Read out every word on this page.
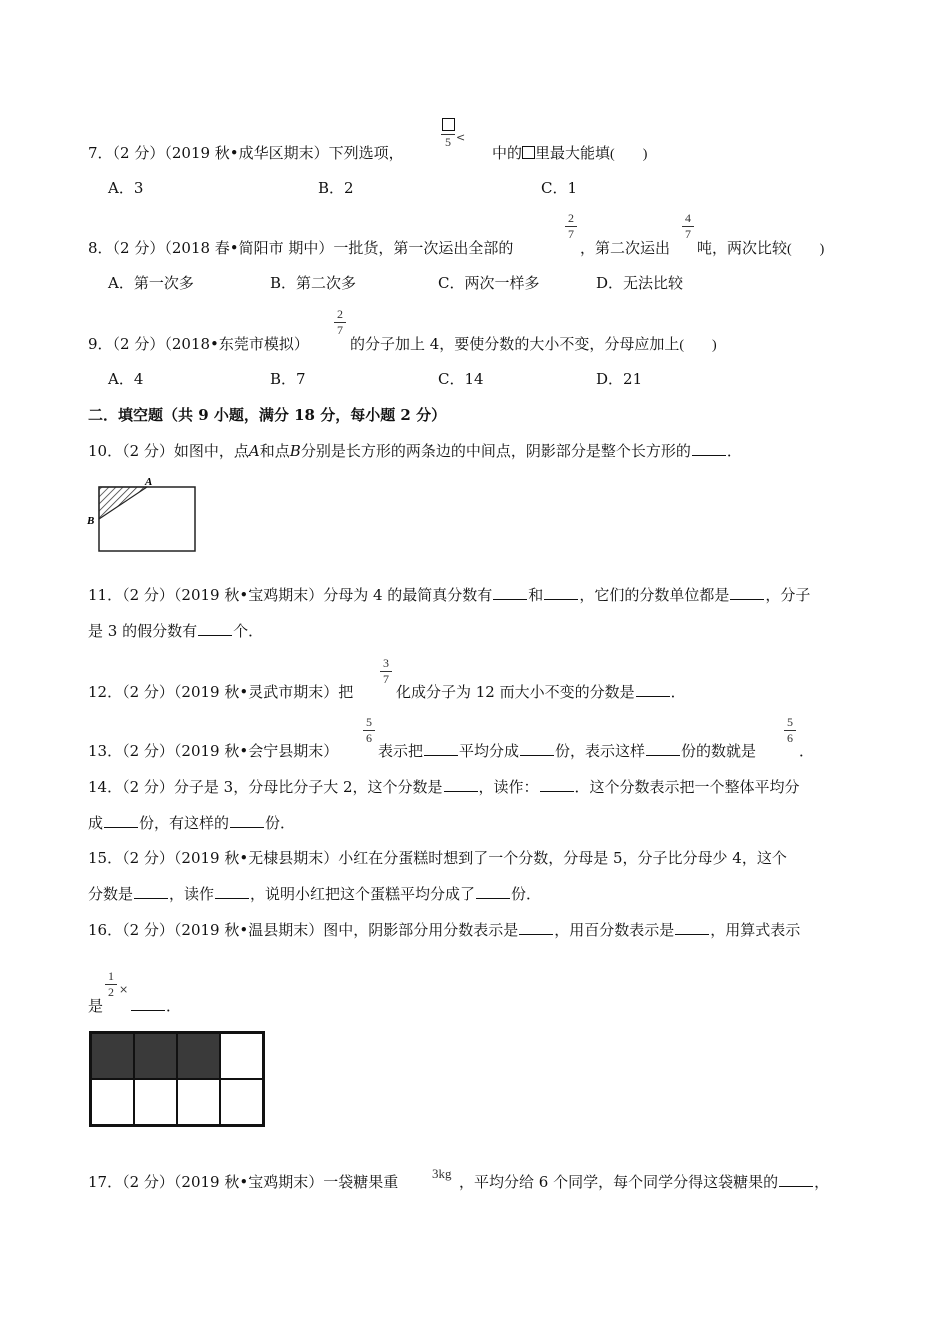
7．（2 分）（2019 秋•成华区期末）下列选项，
5 <
中的 里最大能填(　　)
A．3	B．2	C．1
8．（2 分）（2018 春•简阳市 期中）一批货，第一次运出全部的
2
7
，第二次运出
4
7
吨，两次比较(　　)
A．第一次多	B．第二次多	C．两次一样多	D．无法比较
9．（2 分）（2018•东莞市模拟）
2
7
的分子加上 4，要使分数的大小不变，分母应加上(　　)
A．4	B．7	C．14	D．21
二．填空题（共 9 小题，满分 18 分，每小题 2 分）
10．（2 分）如图中，点A和点B分别是长方形的两条边的中间点，阴影部分是整个长方形的 ．
A
B
11．（2 分）（2019 秋•宝鸡期末）分母为 4 的最简真分数有 和 ，它们的分数单位都是 ，分子
是 3 的假分数有 个．
12．（2 分）（2019 秋•灵武市期末）把
3
7
化成分子为 12 而大小不变的分数是 ．
13．（2 分）（2019 秋•会宁县期末）
5
6
表示把 平均分成 份，表示这样 份的数就是
5
6
．
14．（2 分）分子是 3，分母比分子大 2，这个分数是 ，读作： ．这个分数表示把一个整体平均分
成 份，有这样的 份．
15．（2 分）（2019 秋•无棣县期末）小红在分蛋糕时想到了一个分数，分母是 5，分子比分母少 4，这个
分数是 ，读作 ，说明小红把这个蛋糕平均分成了 份．
16．（2 分）（2019 秋•温县期末）图中，阴影部分用分数表示是 ，用百分数表示是 ，用算式表示
是
1
2 ×
．
17．（2 分）（2019 秋•宝鸡期末）一袋糖果重	3kg ，平均分给 6 个同学，每个同学分得这袋糖果的 ，
